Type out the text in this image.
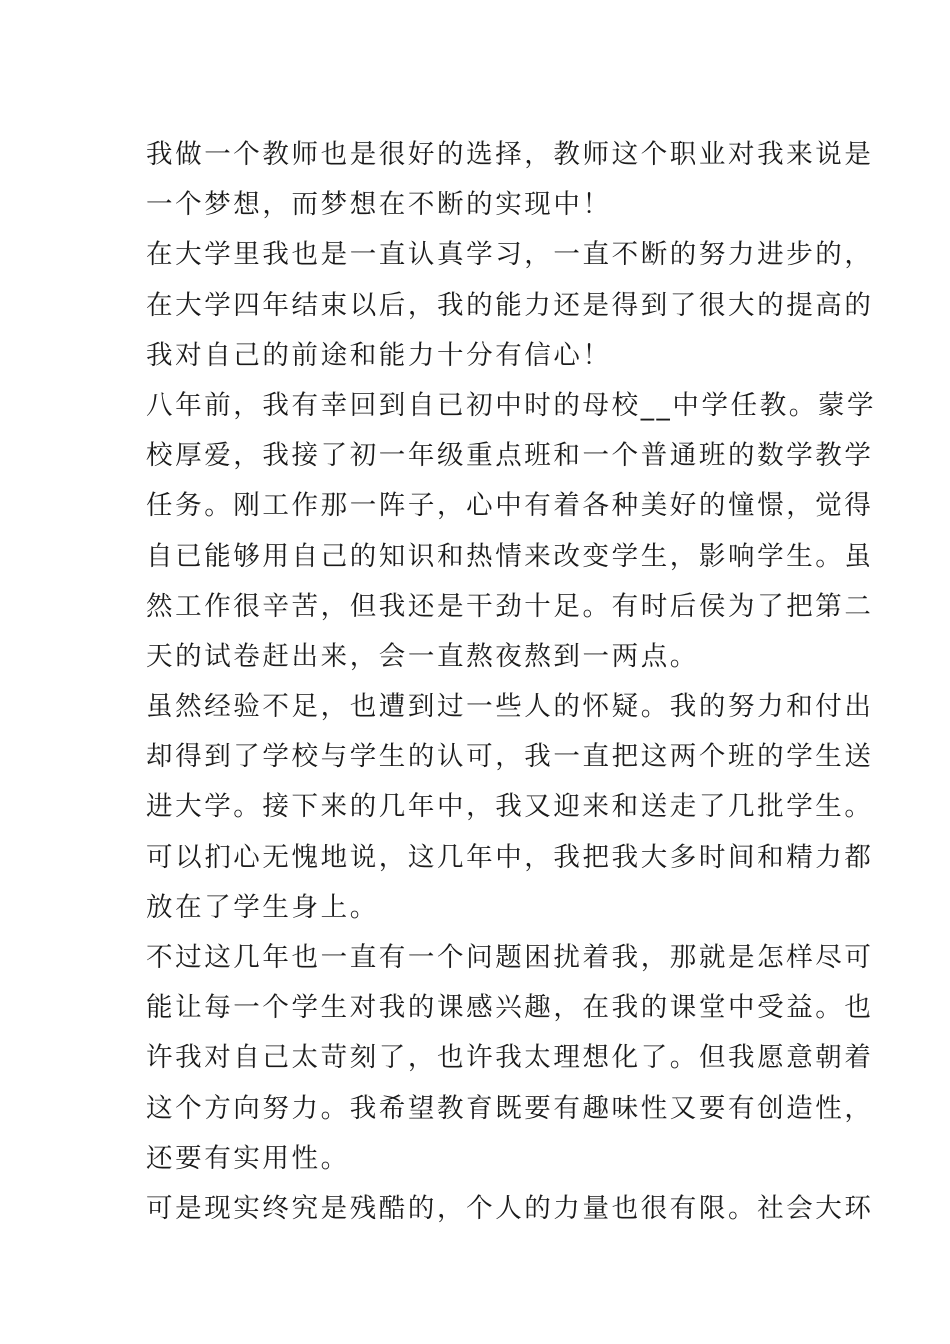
我做一个教师也是很好的选择，教师这个职业对我来说是
一个梦想，而梦想在不断的实现中！
在大学里我也是一直认真学习，一直不断的努力进步的，
在大学四年结束以后，我的能力还是得到了很大的提高的
我对自己的前途和能力十分有信心！
八年前，我有幸回到自已初中时的母校__中学任教。蒙学
校厚爱，我接了初一年级重点班和一个普通班的数学教学
任务。刚工作那一阵子，心中有着各种美好的憧憬，觉得
自已能够用自己的知识和热情来改变学生，影响学生。虽
然工作很辛苦，但我还是干劲十足。有时后侯为了把第二
天的试卷赶出来，会一直熬夜熬到一两点。
虽然经验不足，也遭到过一些人的怀疑。我的努力和付出
却得到了学校与学生的认可，我一直把这两个班的学生送
进大学。接下来的几年中，我又迎来和送走了几批学生。
可以扪心无愧地说，这几年中，我把我大多时间和精力都
放在了学生身上。
不过这几年也一直有一个问题困扰着我，那就是怎样尽可
能让每一个学生对我的课感兴趣，在我的课堂中受益。也
许我对自己太苛刻了，也许我太理想化了。但我愿意朝着
这个方向努力。我希望教育既要有趣味性又要有创造性，
还要有实用性。
可是现实终究是残酷的，个人的力量也很有限。社会大环
